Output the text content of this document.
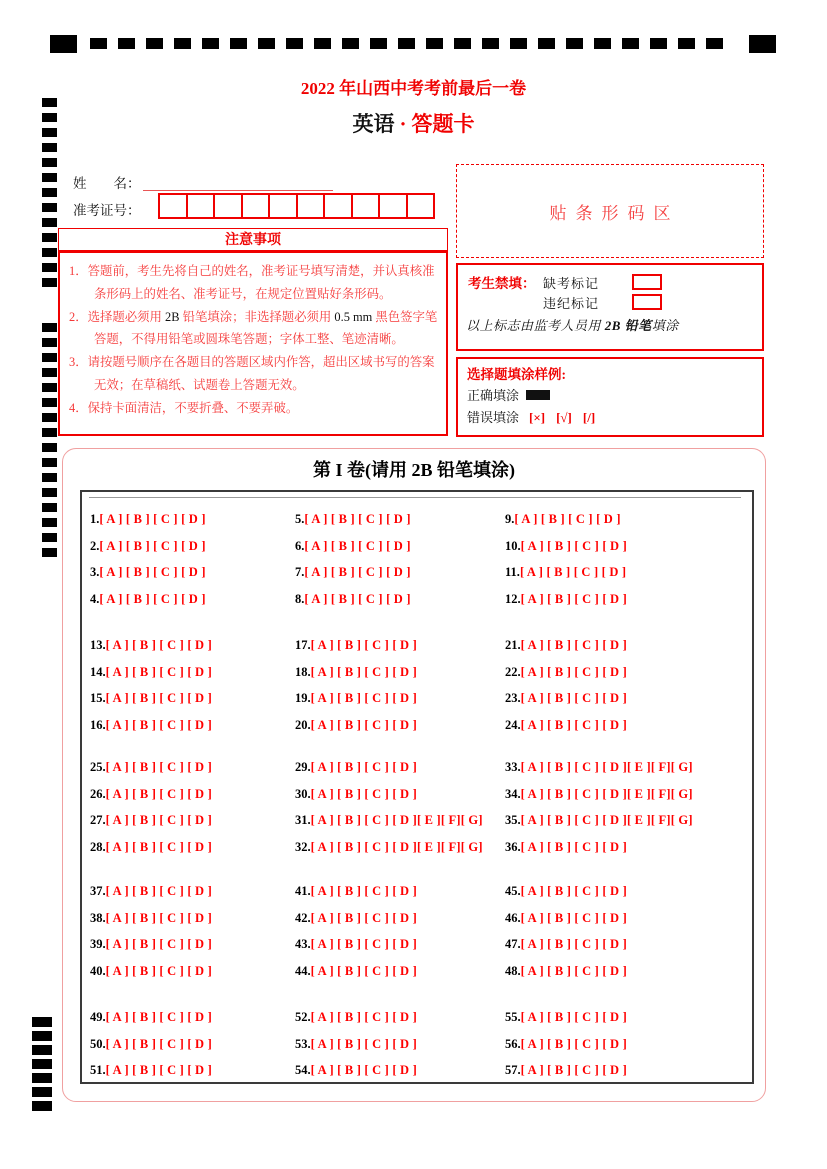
2022 年山西中考考前最后一卷
英语 · 答题卡
姓　　名：
准考证号：
注意事项
1．答题前，考生先将自己的姓名，准考证号填写清楚，并认真核准条形码上的姓名、准考证号，在规定位置贴好条形码。
2．选择题必须用 2B 铅笔填涂；非选择题必须用 0.5 mm 黑色签字笔答题，不得用铅笔或圆珠笔答题；字体工整、笔迹清晰。
3．请按题号顺序在各题目的答题区域内作答，超出区域书写的答案无效；在草稿纸、试题卷上答题无效。
4．保持卡面清洁，不要折叠、不要弄破。
贴条形码区
考生禁填： 缺考标记
违纪标记
以上标志由监考人员用 2B 铅笔填涂
选择题填涂样例:
正确填涂
错误填涂 [×] [√] [/]
第 I 卷(请用 2B 铅笔填涂)
1.[ A ] [ B ] [ C ] [ D ]
2.[ A ] [ B ] [ C ] [ D ]
3.[ A ] [ B ] [ C ] [ D ]
4.[ A ] [ B ] [ C ] [ D ]
5.[ A ] [ B ] [ C ] [ D ]
6.[ A ] [ B ] [ C ] [ D ]
7.[ A ] [ B ] [ C ] [ D ]
8.[ A ] [ B ] [ C ] [ D ]
9.[ A ] [ B ] [ C ] [ D ]
10.[ A ] [ B ] [ C ] [ D ]
11.[ A ] [ B ] [ C ] [ D ]
12.[ A ] [ B ] [ C ] [ D ]
13.[ A ] [ B ] [ C ] [ D ]
14.[ A ] [ B ] [ C ] [ D ]
15.[ A ] [ B ] [ C ] [ D ]
16.[ A ] [ B ] [ C ] [ D ]
17.[ A ] [ B ] [ C ] [ D ]
18.[ A ] [ B ] [ C ] [ D ]
19.[ A ] [ B ] [ C ] [ D ]
20.[ A ] [ B ] [ C ] [ D ]
21.[ A ] [ B ] [ C ] [ D ]
22.[ A ] [ B ] [ C ] [ D ]
23.[ A ] [ B ] [ C ] [ D ]
24.[ A ] [ B ] [ C ] [ D ]
25.[ A ] [ B ] [ C ] [ D ]
26.[ A ] [ B ] [ C ] [ D ]
27.[ A ] [ B ] [ C ] [ D ]
28.[ A ] [ B ] [ C ] [ D ]
29.[ A ] [ B ] [ C ] [ D ]
30.[ A ] [ B ] [ C ] [ D ]
31.[ A ] [ B ] [ C ] [ D ][ E ][ F][ G]
32.[ A ] [ B ] [ C ] [ D ][ E ][ F][ G]
33.[ A ] [ B ] [ C ] [ D ][ E ][ F][ G]
34.[ A ] [ B ] [ C ] [ D ][ E ][ F][ G]
35.[ A ] [ B ] [ C ] [ D ][ E ][ F][ G]
36.[ A ] [ B ] [ C ] [ D ]
37.[ A ] [ B ] [ C ] [ D ]
38.[ A ] [ B ] [ C ] [ D ]
39.[ A ] [ B ] [ C ] [ D ]
40.[ A ] [ B ] [ C ] [ D ]
41.[ A ] [ B ] [ C ] [ D ]
42.[ A ] [ B ] [ C ] [ D ]
43.[ A ] [ B ] [ C ] [ D ]
44.[ A ] [ B ] [ C ] [ D ]
45.[ A ] [ B ] [ C ] [ D ]
46.[ A ] [ B ] [ C ] [ D ]
47.[ A ] [ B ] [ C ] [ D ]
48.[ A ] [ B ] [ C ] [ D ]
49.[ A ] [ B ] [ C ] [ D ]
50.[ A ] [ B ] [ C ] [ D ]
51.[ A ] [ B ] [ C ] [ D ]
52.[ A ] [ B ] [ C ] [ D ]
53.[ A ] [ B ] [ C ] [ D ]
54.[ A ] [ B ] [ C ] [ D ]
55.[ A ] [ B ] [ C ] [ D ]
56.[ A ] [ B ] [ C ] [ D ]
57.[ A ] [ B ] [ C ] [ D ]
